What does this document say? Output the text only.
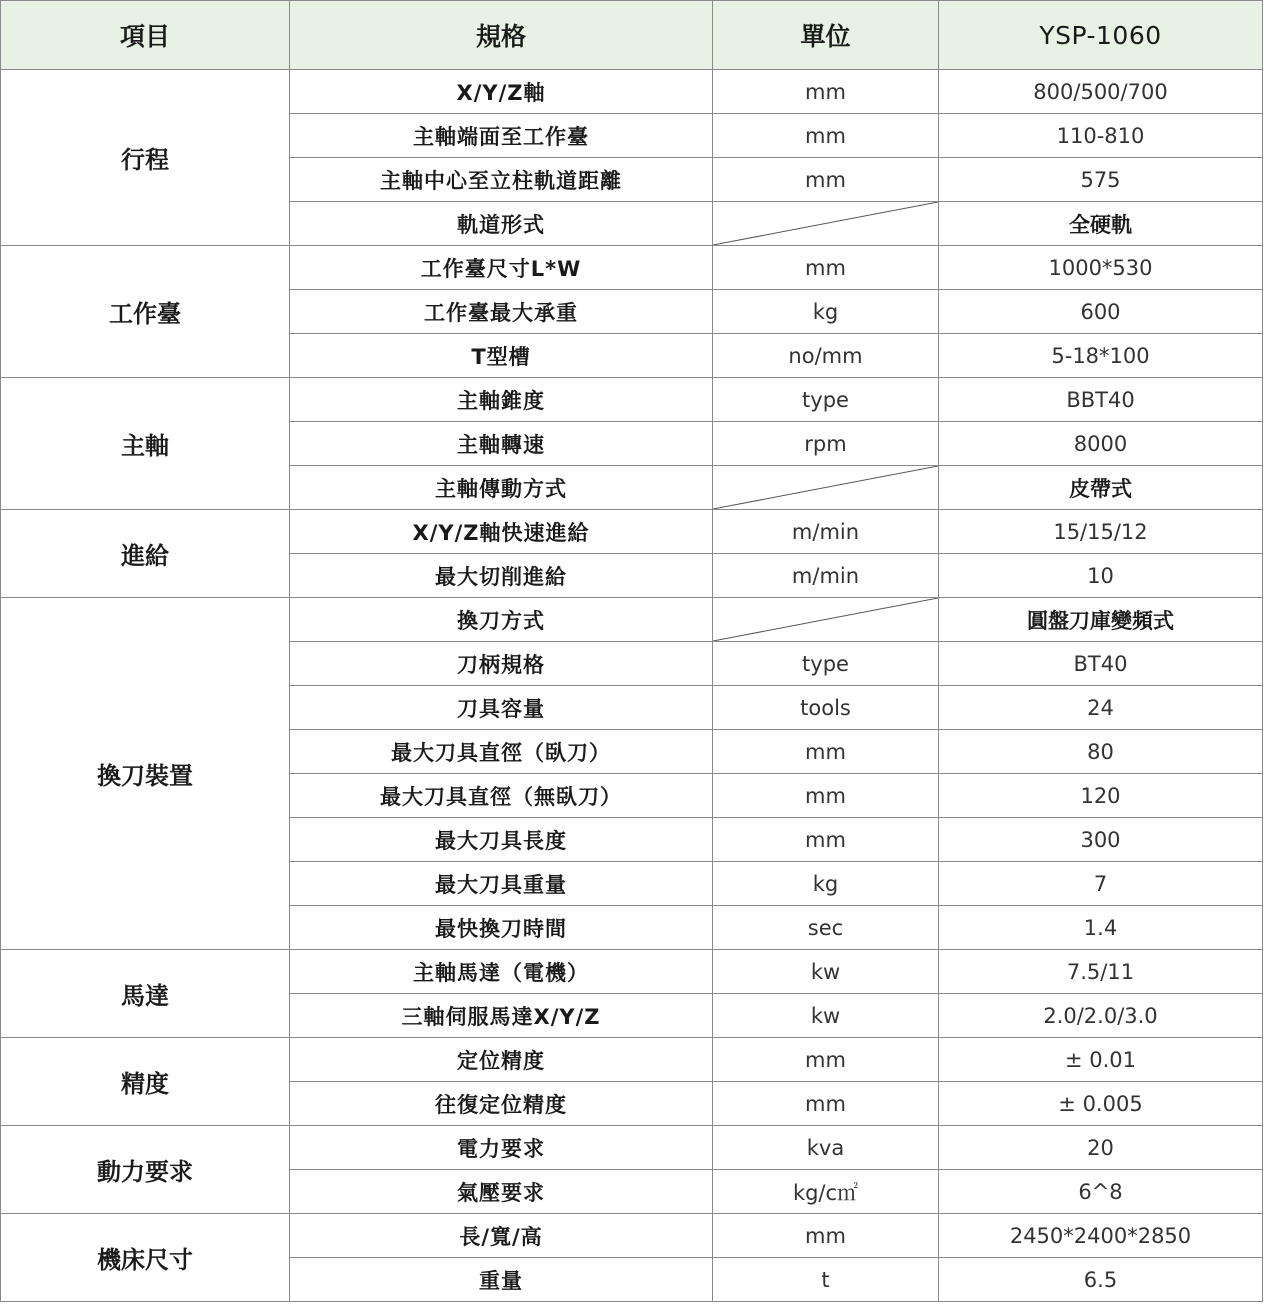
項目	規格	單位	YSP-1060
行程	X/Y/Z軸	mm	800/500/700
	主軸端面至工作臺	mm	110-810
	主軸中心至立柱軌道距離	mm	575
	軌道形式		全硬軌
工作臺	工作臺尺寸L*W	mm	1000*530
	工作臺最大承重	kg	600
	T型槽	no/mm	5-18*100
主軸	主軸錐度	type	BBT40
	主軸轉速	rpm	8000
	主軸傳動方式		皮帶式
進給	X/Y/Z軸快速進給	m/min	15/15/12
	最大切削進給	m/min	10
換刀裝置	換刀方式		圓盤刀庫變頻式
	刀柄規格	type	BT40
	刀具容量	tools	24
	最大刀具直徑（臥刀）	mm	80
	最大刀具直徑（無臥刀）	mm	120
	最大刀具長度	mm	300
	最大刀具重量	kg	7
	最快換刀時間	sec	1.4
馬達	主軸馬達（電機）	kw	7.5/11
	三軸伺服馬達X/Y/Z	kw	2.0/2.0/3.0
精度	定位精度	mm	± 0.01
	往復定位精度	mm	± 0.005
動力要求	電力要求	kva	20
	氣壓要求	kg/c㎡	6^8
機床尺寸	長/寬/高	mm	2450*2400*2850
	重量	t	6.5
